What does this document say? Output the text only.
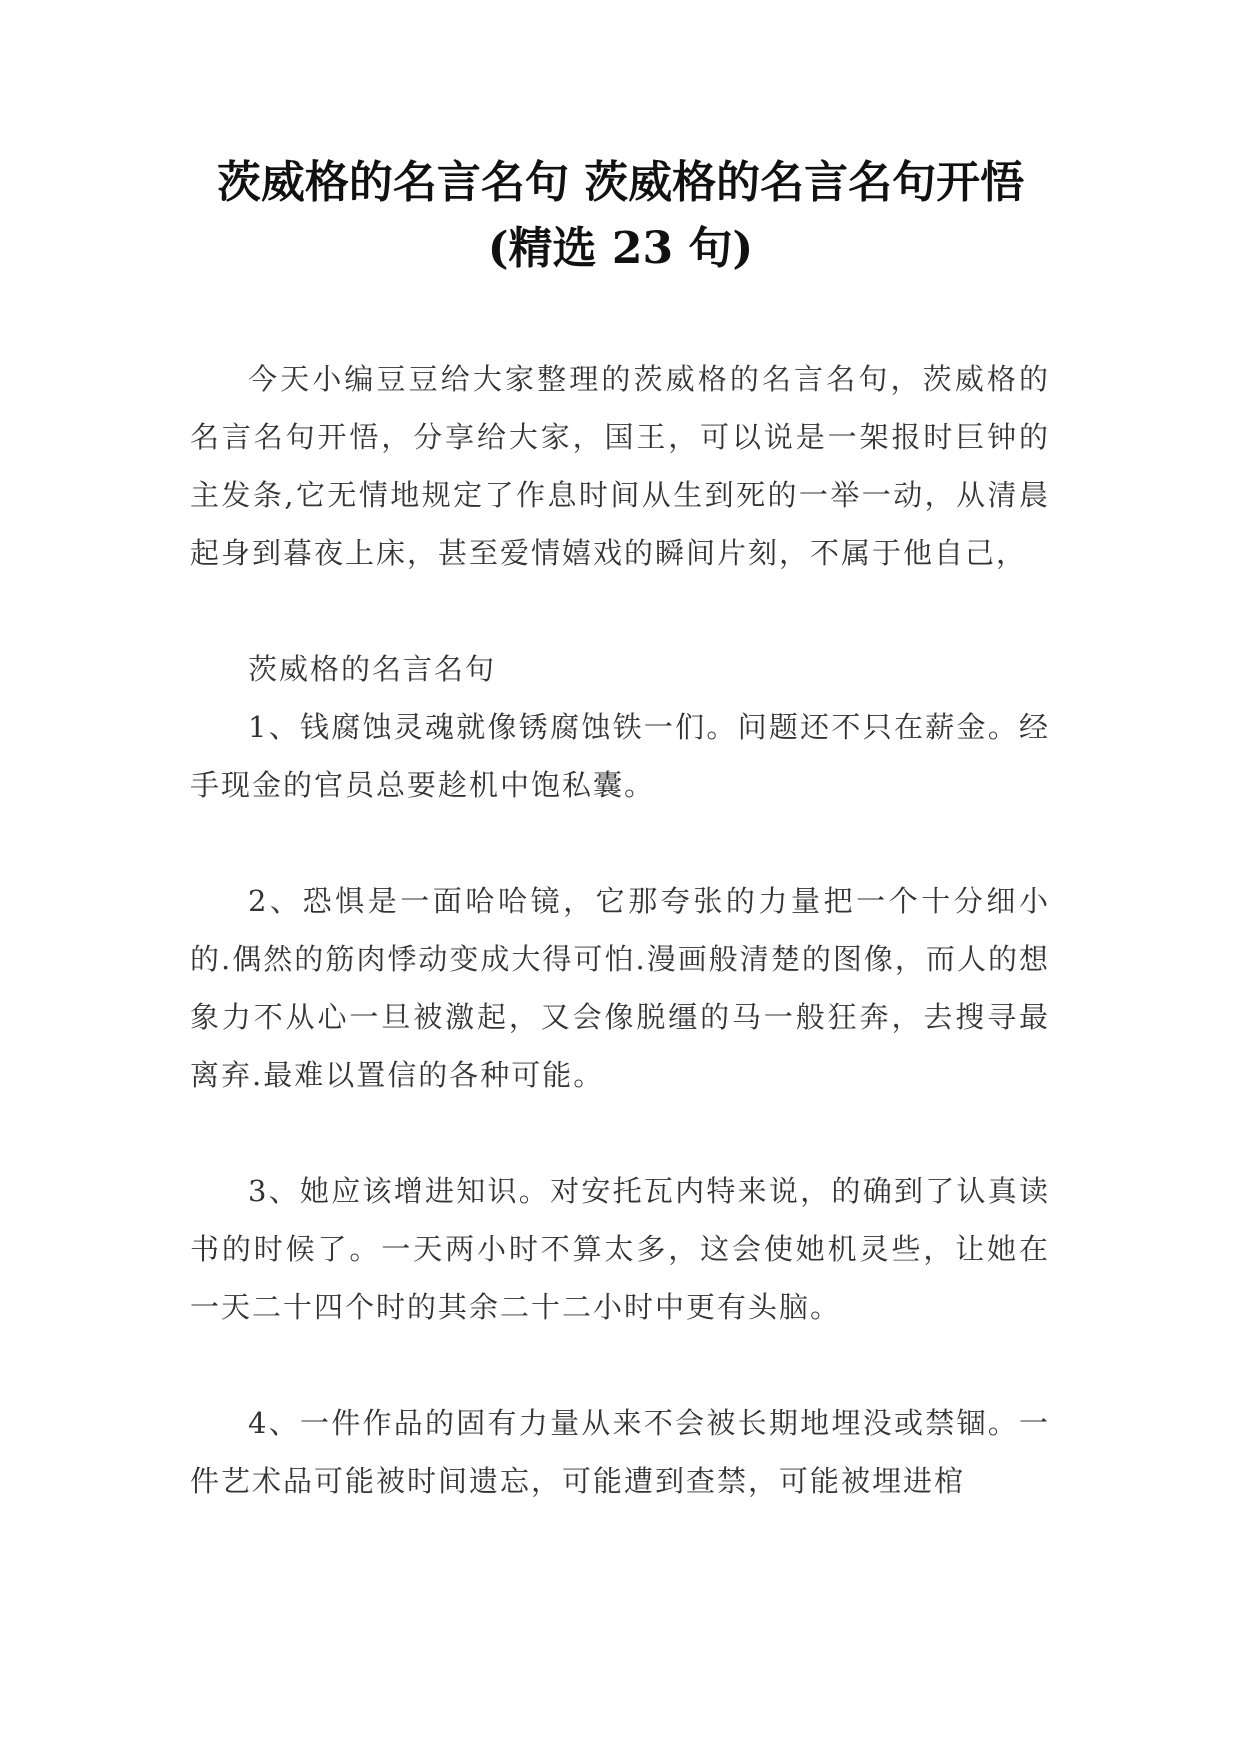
茨威格的名言名句 茨威格的名言名句开悟
(精选 23 句)

今天小编豆豆给大家整理的茨威格的名言名句，茨威格的名言名句开悟，分享给大家，国王，可以说是一架报时巨钟的主发条,它无情地规定了作息时间从生到死的一举一动，从清晨起身到暮夜上床，甚至爱情嬉戏的瞬间片刻，不属于他自己，

茨威格的名言名句

1、钱腐蚀灵魂就像锈腐蚀铁一们。问题还不只在薪金。经手现金的官员总要趁机中饱私囊。

2、恐惧是一面哈哈镜，它那夸张的力量把一个十分细小的.偶然的筋肉悸动变成大得可怕.漫画般清楚的图像，而人的想象力不从心一旦被激起，又会像脱缰的马一般狂奔，去搜寻最离弃.最难以置信的各种可能。

3、她应该增进知识。对安托瓦内特来说，的确到了认真读书的时候了。一天两小时不算太多，这会使她机灵些，让她在一天二十四个时的其余二十二小时中更有头脑。

4、一件作品的固有力量从来不会被长期地埋没或禁锢。一件艺术品可能被时间遗忘，可能遭到查禁，可能被埋进棺
